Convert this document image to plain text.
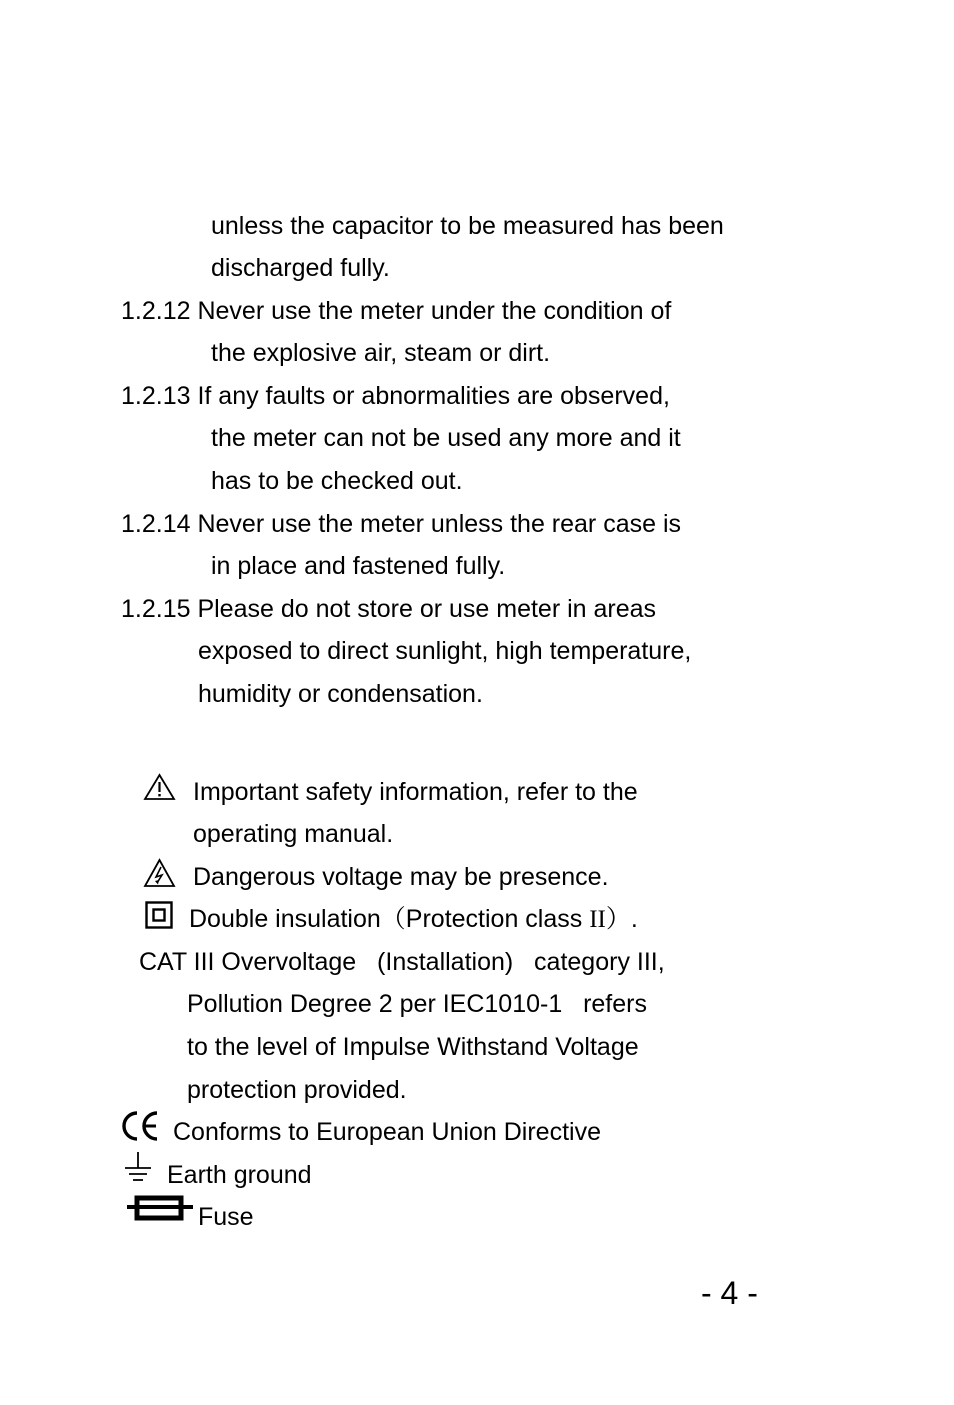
unless the capacitor to be measured has been
discharged fully.
1.2.12 Never use the meter under the condition of
the explosive air, steam or dirt.
1.2.13 If any faults or abnormalities are observed,
the meter can not be used any more and it
has to be checked out.
1.2.14 Never use the meter unless the rear case is
in place and fastened fully.
1.2.15 Please do not store or use meter in areas
exposed to direct sunlight, high temperature,
humidity or condensation.
Important safety information, refer to the
operating manual.
Dangerous voltage may be presence.
Double insulation（Protection class II）.
CAT III Overvoltage   (Installation)   category III,
Pollution Degree 2 per IEC1010-1   refers
to the level of Impulse Withstand Voltage
protection provided.
Conforms to European Union Directive
Earth ground
Fuse
- 4 -
